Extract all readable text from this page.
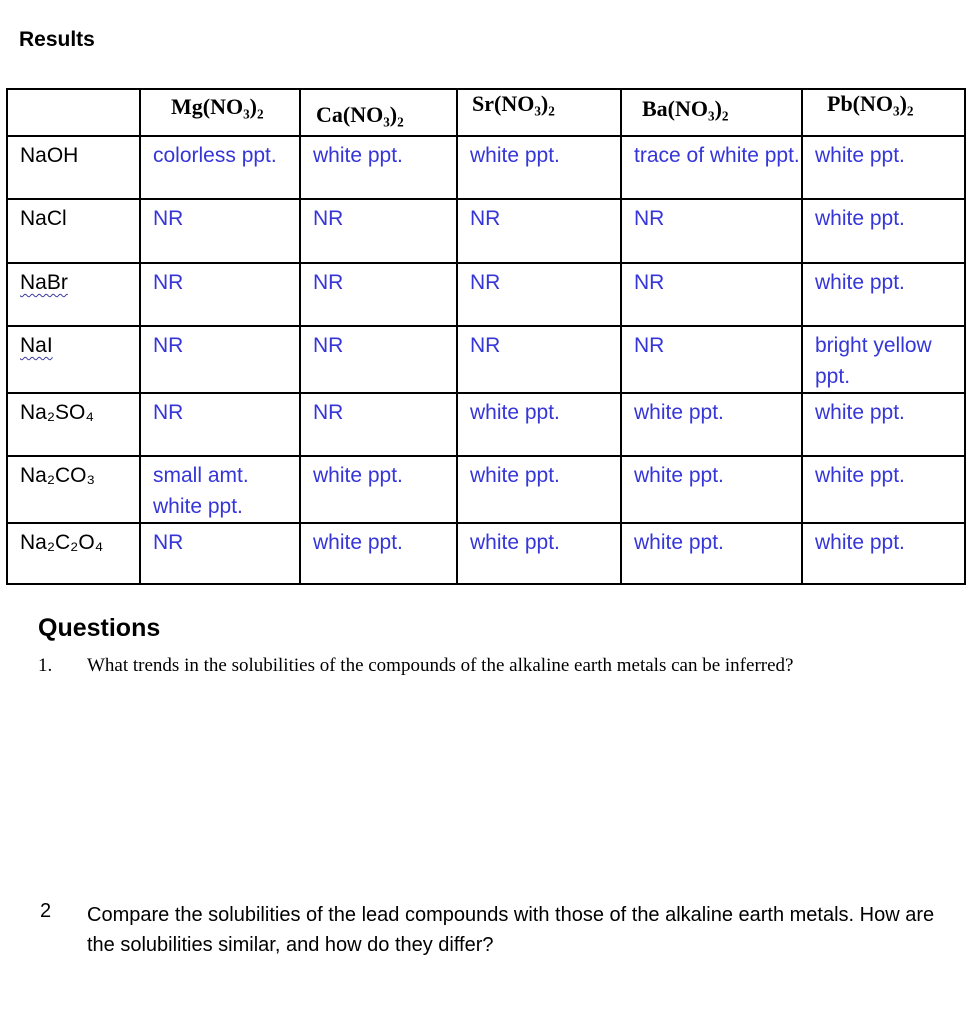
Results
	Mg(NO₃)₂	Ca(NO₃)₂	Sr(NO₃)₂	Ba(NO₃)₂	Pb(NO₃)₂
NaOH	colorless ppt.	white ppt.	white ppt.	trace of white ppt.	white ppt.
NaCl	NR	NR	NR	NR	white ppt.
NaBr	NR	NR	NR	NR	white ppt.
NaI	NR	NR	NR	NR	bright yellow ppt.
Na₂SO₄	NR	NR	white ppt.	white ppt.	white ppt.
Na₂CO₃	small amt. white ppt.	white ppt.	white ppt.	white ppt.	white ppt.
Na₂C₂O₄	NR	white ppt.	white ppt.	white ppt.	white ppt.
Questions
1. What trends in the solubilities of the compounds of the alkaline earth metals can be inferred?
2 Compare the solubilities of the lead compounds with those of the alkaline earth metals. How are the solubilities similar, and how do they differ?
